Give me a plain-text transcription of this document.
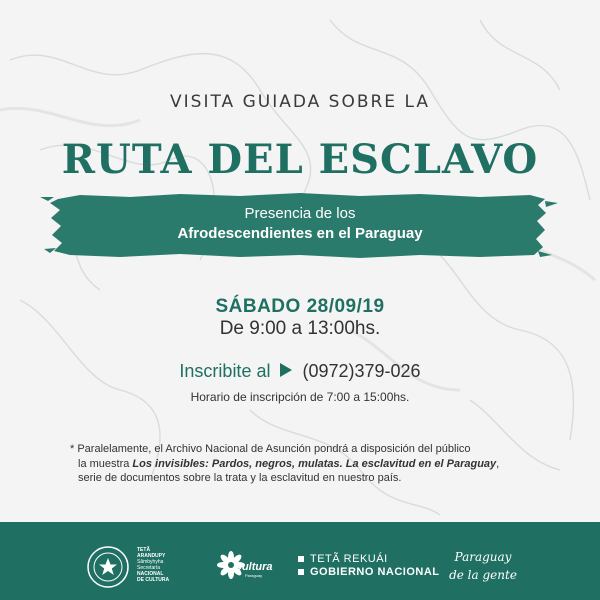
VISITA GUIADA SOBRE LA
RUTA DEL ESCLAVO
Presencia de los
Afrodescendientes en el Paraguay
SÁBADO 28/09/19
De 9:00 a 13:00hs.
Inscribite al (0972)379-026
Horario de inscripción de 7:00 a 15:00hs.
* Paralelamente, el Archivo Nacional de Asunción pondrá a disposición del público
la muestra Los invisibles: Pardos, negros, mulatas. La esclavitud en el Paraguay,
serie de documentos sobre la trata y la esclavitud en nuestro país.
TETÃ
ARANDUPY
Sãmbyhyha
Secretaría
NACIONAL
DE CULTURA
Cultura
Paraguay
TETÃ REKUÁI
GOBIERNO NACIONAL
Paraguay
de la gente
